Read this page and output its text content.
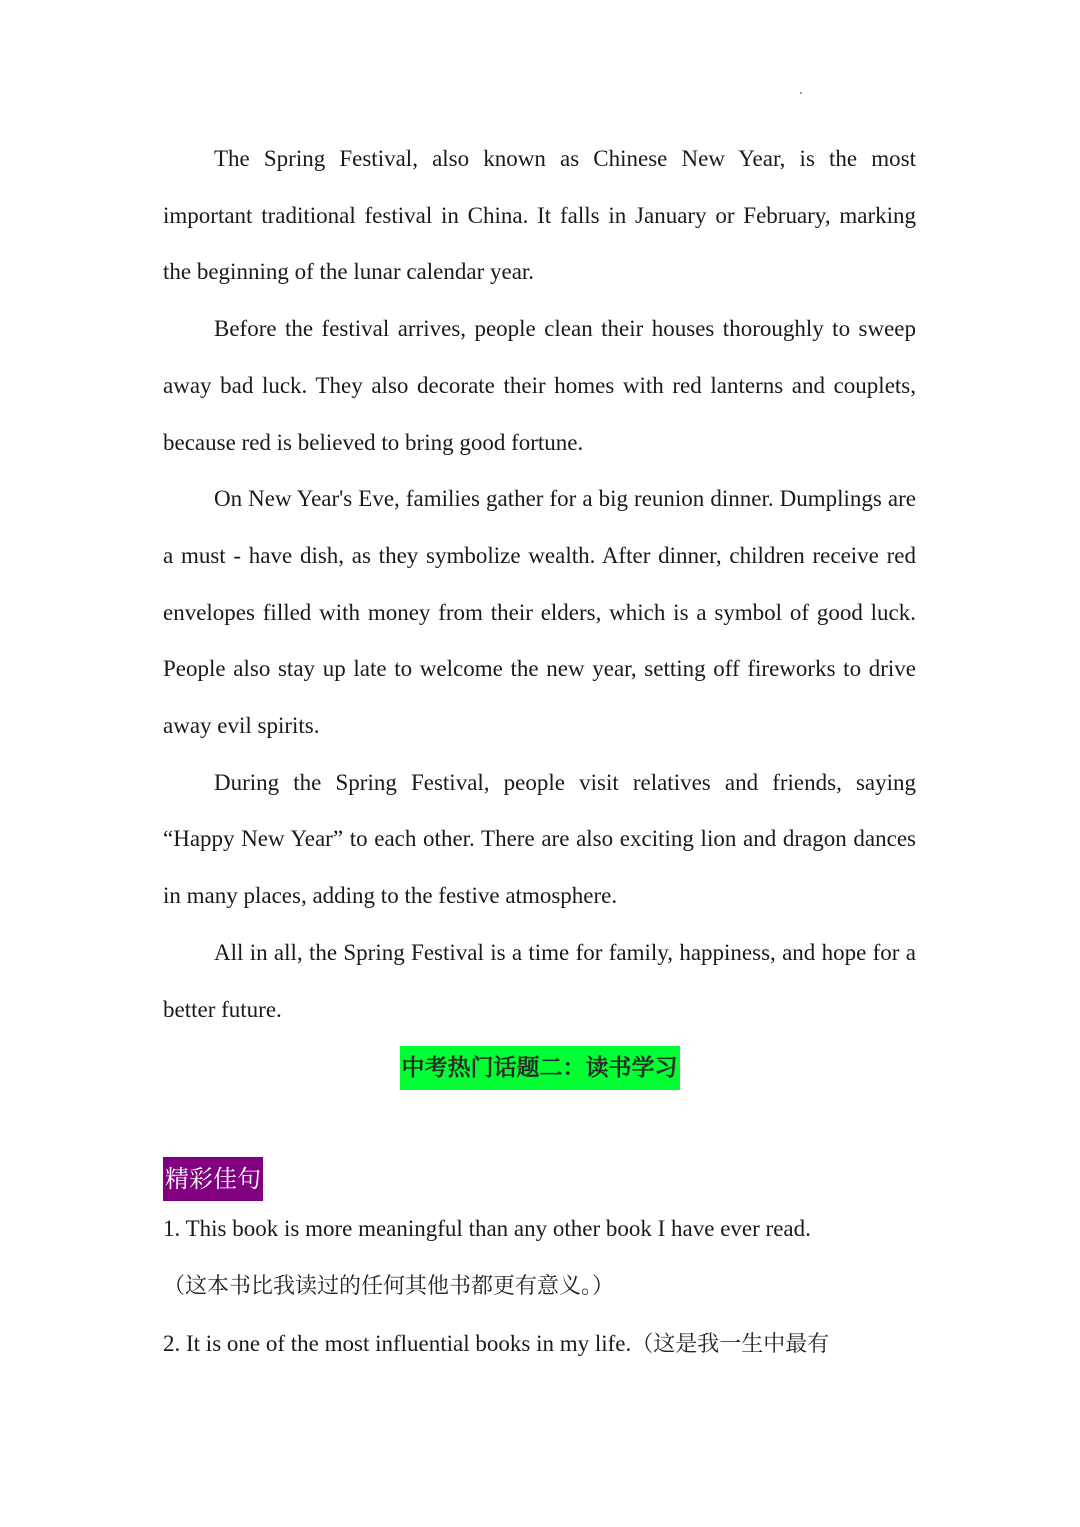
The Spring Festival, also known as Chinese New Year, is the most important traditional festival in China. It falls in January or February, marking the beginning of the lunar calendar year.

Before the festival arrives, people clean their houses thoroughly to sweep away bad luck. They also decorate their homes with red lanterns and couplets, because red is believed to bring good fortune.

On New Year's Eve, families gather for a big reunion dinner. Dumplings are a must - have dish, as they symbolize wealth. After dinner, children receive red envelopes filled with money from their elders, which is a symbol of good luck. People also stay up late to welcome the new year, setting off fireworks to drive away evil spirits.

During the Spring Festival, people visit relatives and friends, saying “Happy New Year” to each other. There are also exciting lion and dragon dances in many places, adding to the festive atmosphere.

All in all, the Spring Festival is a time for family, happiness, and hope for a better future.

中考热门话题二：读书学习
精彩佳句

1. This book is more meaningful than any other book I have ever read.
（这本书比我读过的任何其他书都更有意义。）

2. It is one of the most influential books in my life.（这是我一生中最有
